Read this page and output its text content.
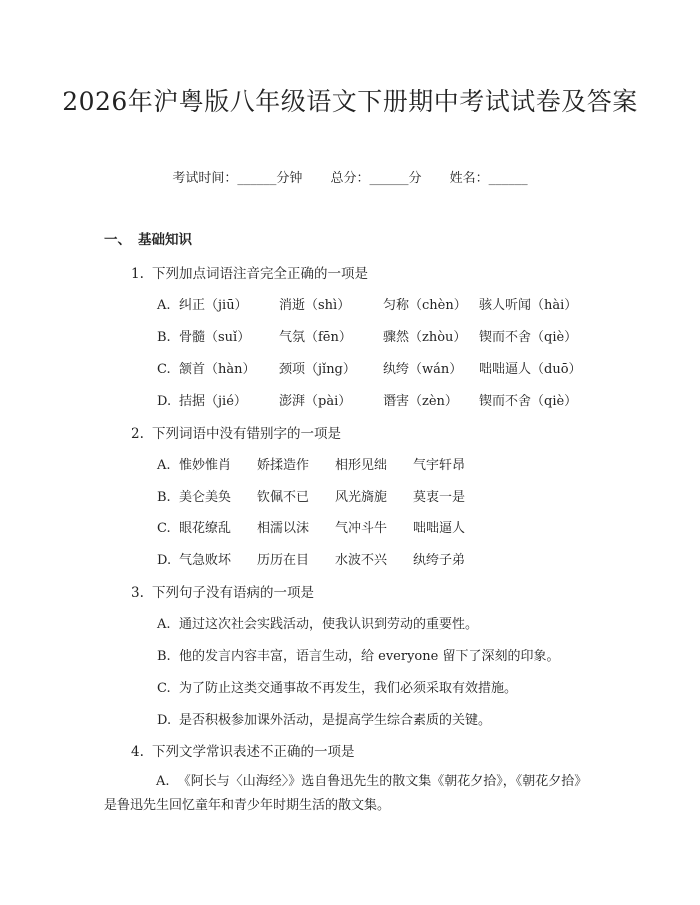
2026年沪粤版八年级语文下册期中考试试卷及答案
考试时间：______分钟 总分：______分 姓名：______
一、 基础知识
1. 下列加点词语注音完全正确的一项是
A. 纠正（jiū） 消逝（shì）	匀称（chèn） 骇人听闻（hài）
B. 骨髓（suǐ） 气氛（fēn） 骤然（zhòu） 锲而不舍（qiè）
C. 颔首（hàn） 颈项（jǐng） 纨绔（wán） 咄咄逼人（duō）
D. 拮据（jié） 澎湃（pài） 谮害（zèn） 锲而不舍（qiè）
2. 下列词语中没有错别字的一项是
A. 惟妙惟肖 娇揉造作 相形见绌 气宇轩昂
B. 美仑美奂 钦佩不已 风光旖旎 莫衷一是
C. 眼花缭乱 相濡以沫 气冲斗牛 咄咄逼人
D. 气急败坏 历历在目 水波不兴 纨绔子弟
3. 下列句子没有语病的一项是
A. 通过这次社会实践活动，使我认识到劳动的重要性。
B. 他的发言内容丰富，语言生动，给 everyone 留下了深刻的印象。
C. 为了防止这类交通事故不再发生，我们必须采取有效措施。
D. 是否积极参加课外活动，是提高学生综合素质的关键。
4. 下列文学常识表述不正确的一项是
A. 《阿长与〈山海经〉》选自鲁迅先生的散文集《朝花夕拾》，《朝花夕拾》是鲁迅先生回忆童年和青少年时期生活的散文集。
